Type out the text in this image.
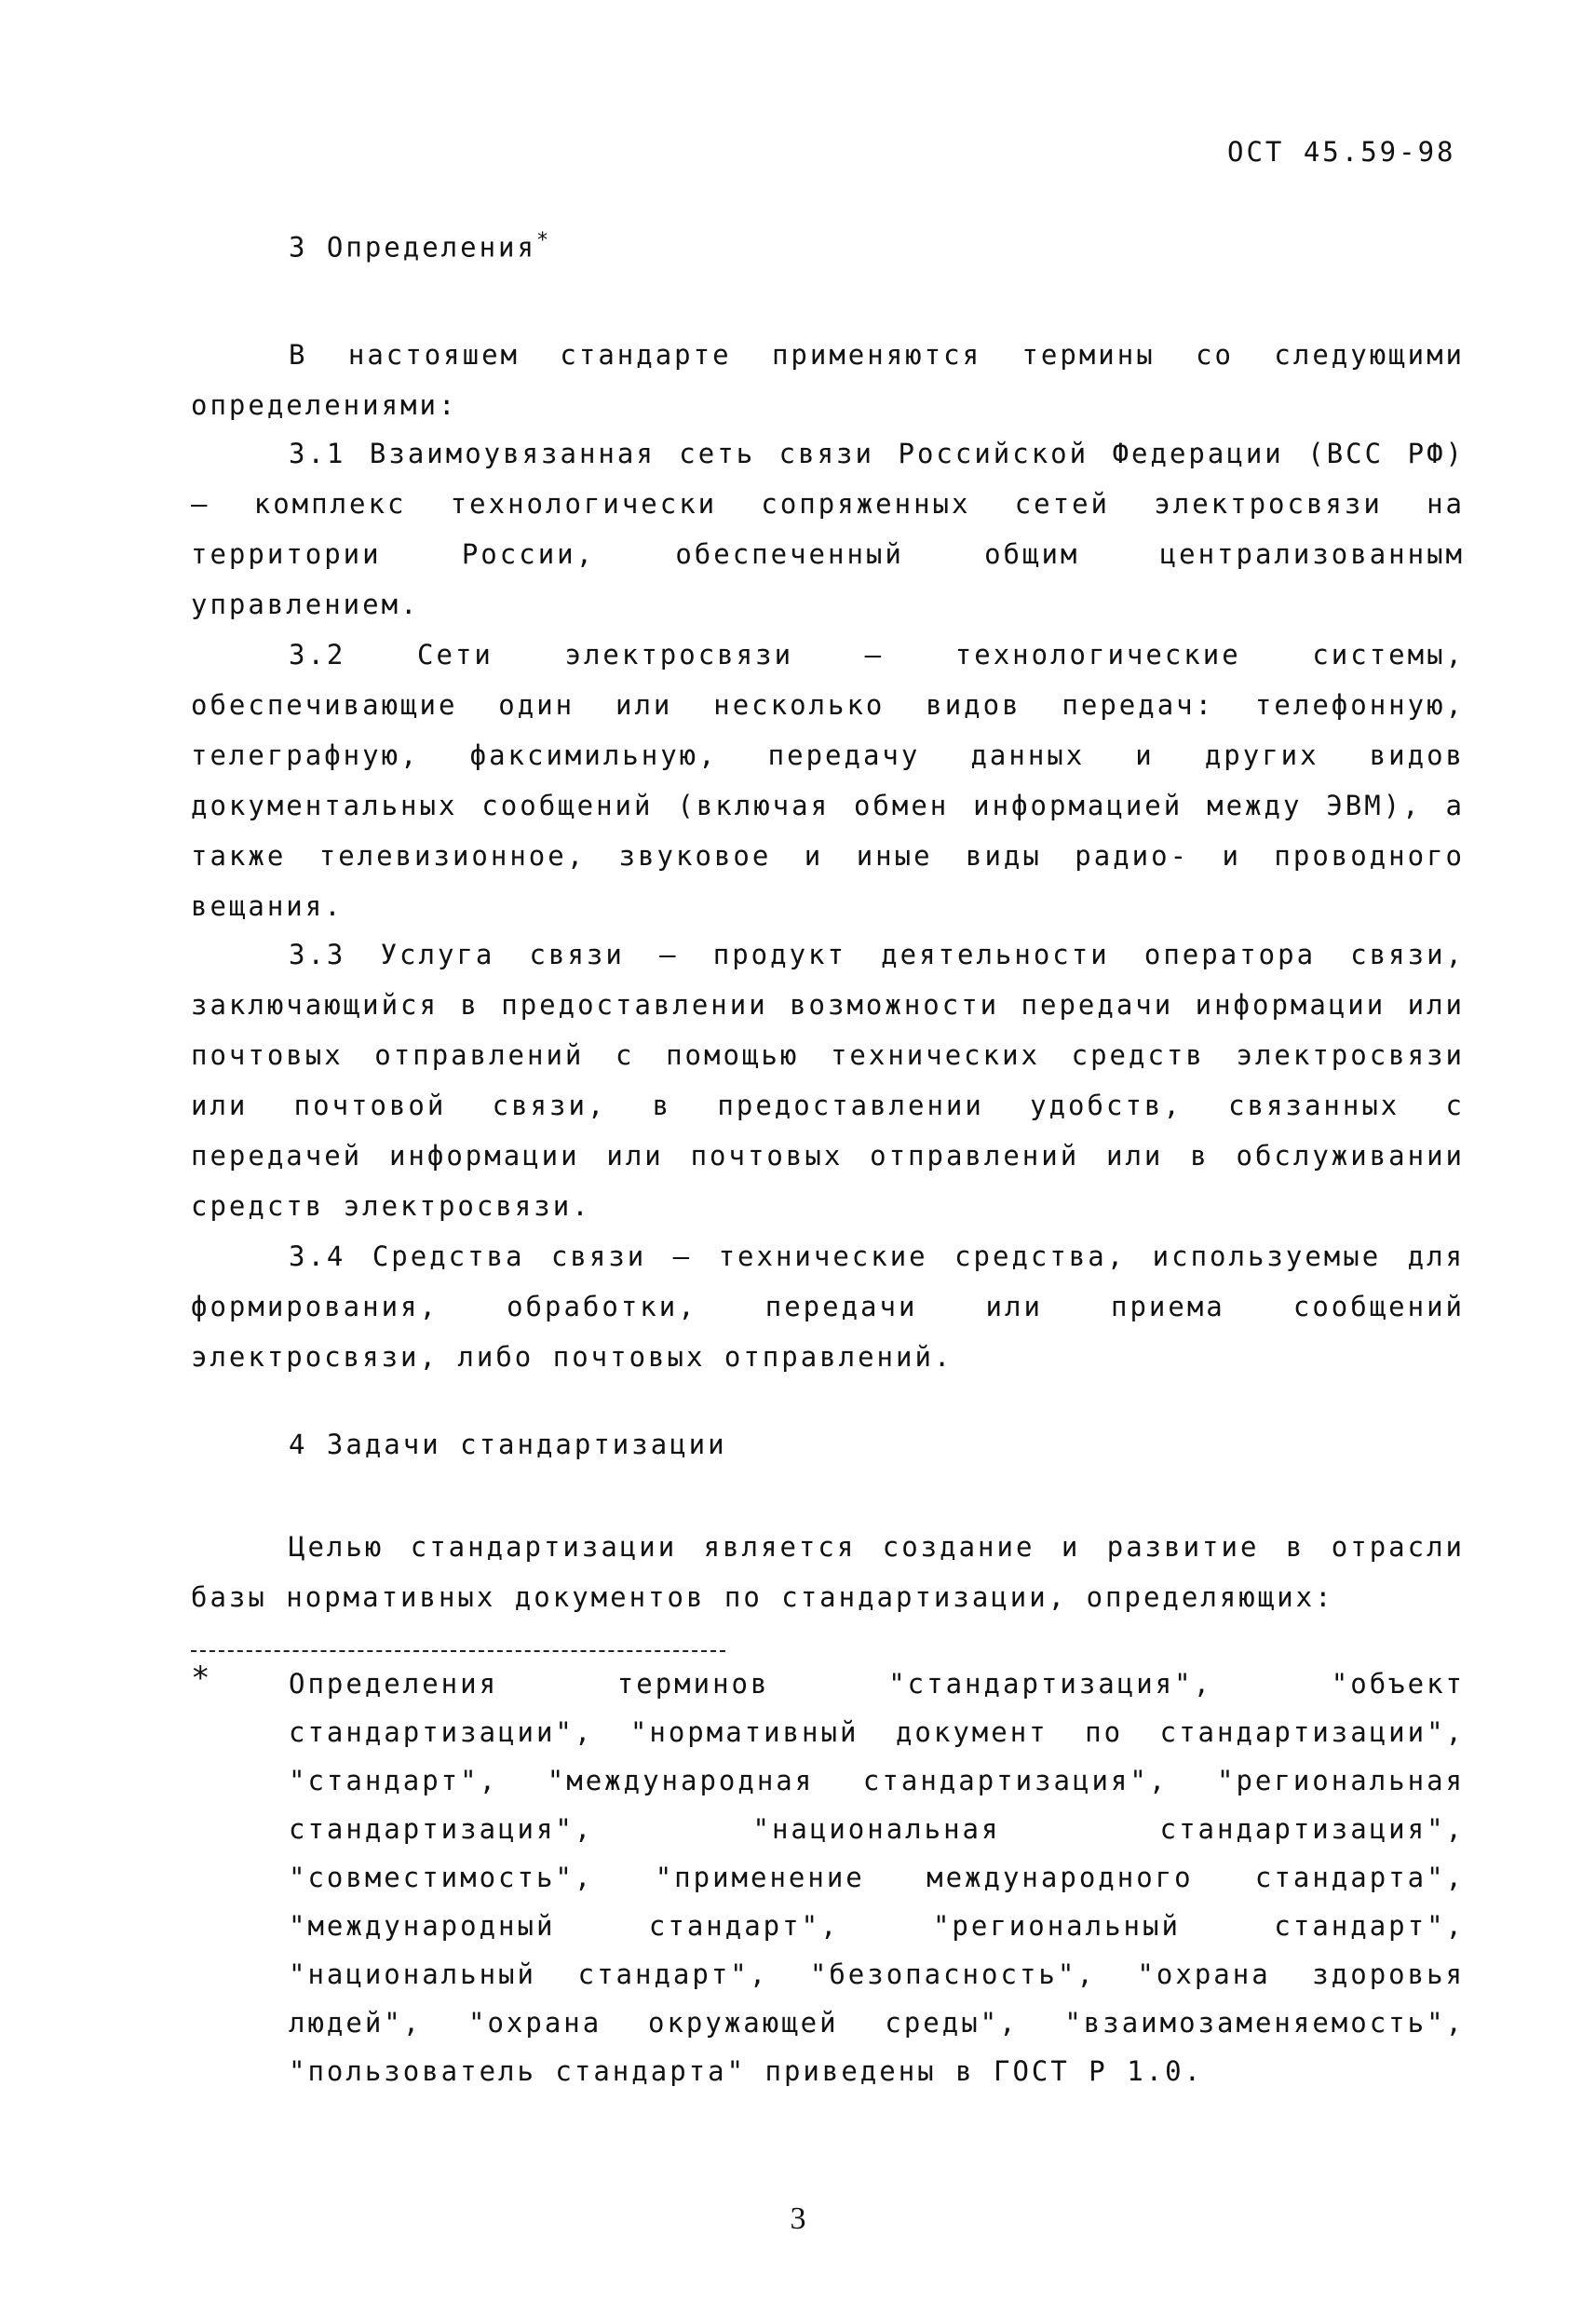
ОСТ 45.59-98
3 Определения*
В настояшем стандарте применяются термины со следующими определениями:
3.1 Взаимоувязанная сеть связи Российской Федерации (ВСС РФ) – комплекс технологически сопряженных сетей электросвязи на территории России, обеспеченный общим централизованным управлением.
3.2 Сети электросвязи – технологические системы, обеспечивающие один или несколько видов передач: телефонную, телеграфную, факсимильную, передачу данных и других видов документальных сообщений (включая обмен информацией между ЭВМ), а также телевизионное, звуковое и иные виды радио- и проводного вещания.
3.3 Услуга связи – продукт деятельности оператора связи, заключающийся в предоставлении возможности передачи информации или почтовых отправлений с помощью технических средств электросвязи или почтовой связи, в предоставлении удобств, связанных с передачей информации или почтовых отправлений или в обслуживании средств электросвязи.
3.4 Средства связи – технические средства, используемые для формирования, обработки, передачи или приема сообщений электросвязи, либо почтовых отправлений.
4 Задачи стандартизации
Целью стандартизации является создание и развитие в отрасли базы нормативных документов по стандартизации, определяющих:
*	Определения терминов "стандартизация", "объект стандартизации", "нормативный документ по стандартизации", "стандарт", "международная стандартизация", "региональная стандартизация", "национальная стандартизация", "совместимость", "применение международного стандарта", "международный стандарт", "региональный стандарт", "национальный стандарт", "безопасность", "охрана здоровья людей", "охрана окружающей среды", "взаимозаменяемость", "пользователь стандарта" приведены в ГОСТ Р 1.0.
3
